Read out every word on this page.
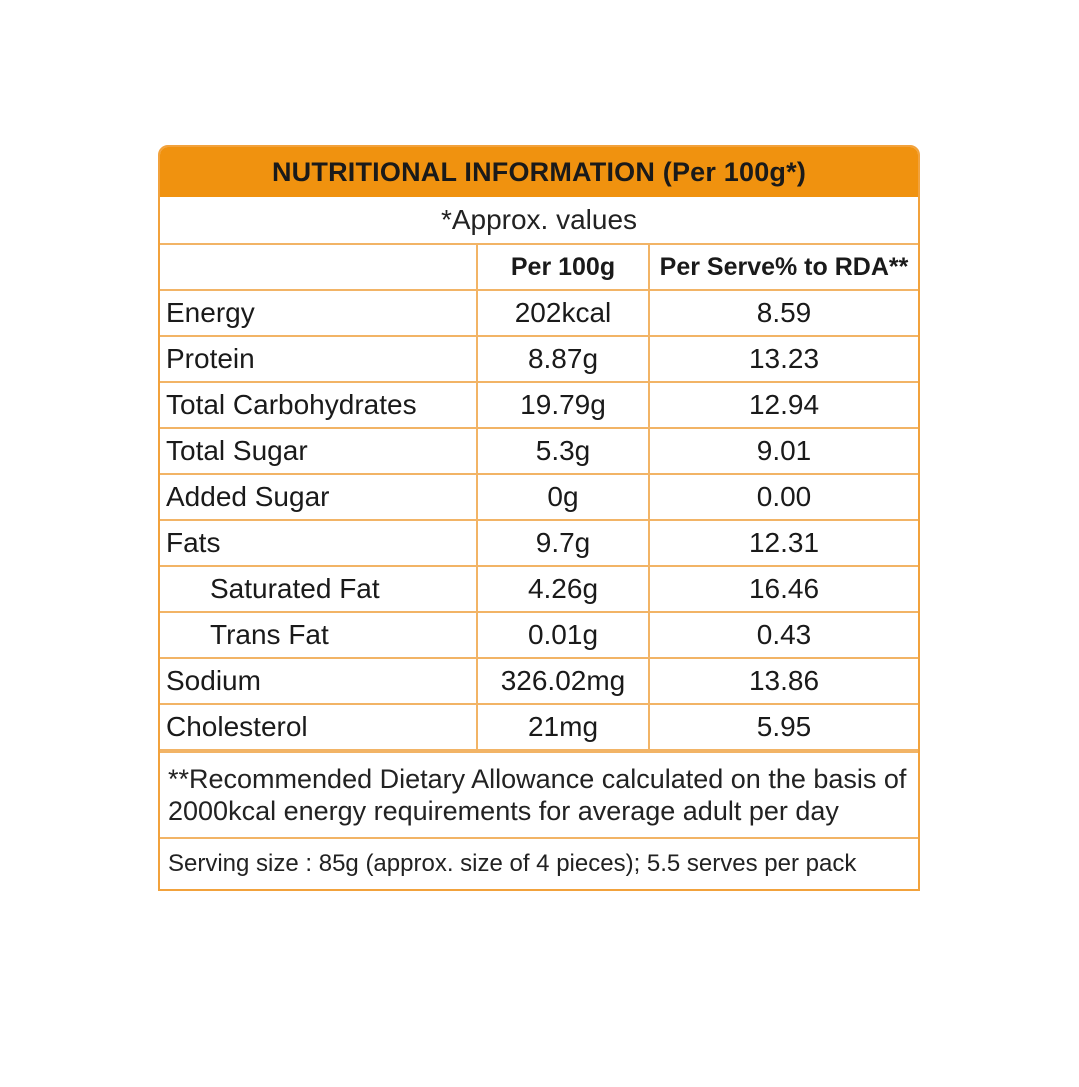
NUTRITIONAL INFORMATION (Per 100g*)
*Approx. values
	Per 100g	Per Serve% to RDA**
Energy	202kcal	8.59
Protein	8.87g	13.23
Total Carbohydrates	19.79g	12.94
Total Sugar	5.3g	9.01
Added Sugar	0g	0.00
Fats	9.7g	12.31
Saturated Fat	4.26g	16.46
Trans Fat	0.01g	0.43
Sodium	326.02mg	13.86
Cholesterol	21mg	5.95
**Recommended Dietary Allowance calculated on the basis of 2000kcal energy requirements for average adult per day
Serving size : 85g (approx. size of 4 pieces); 5.5 serves per pack
